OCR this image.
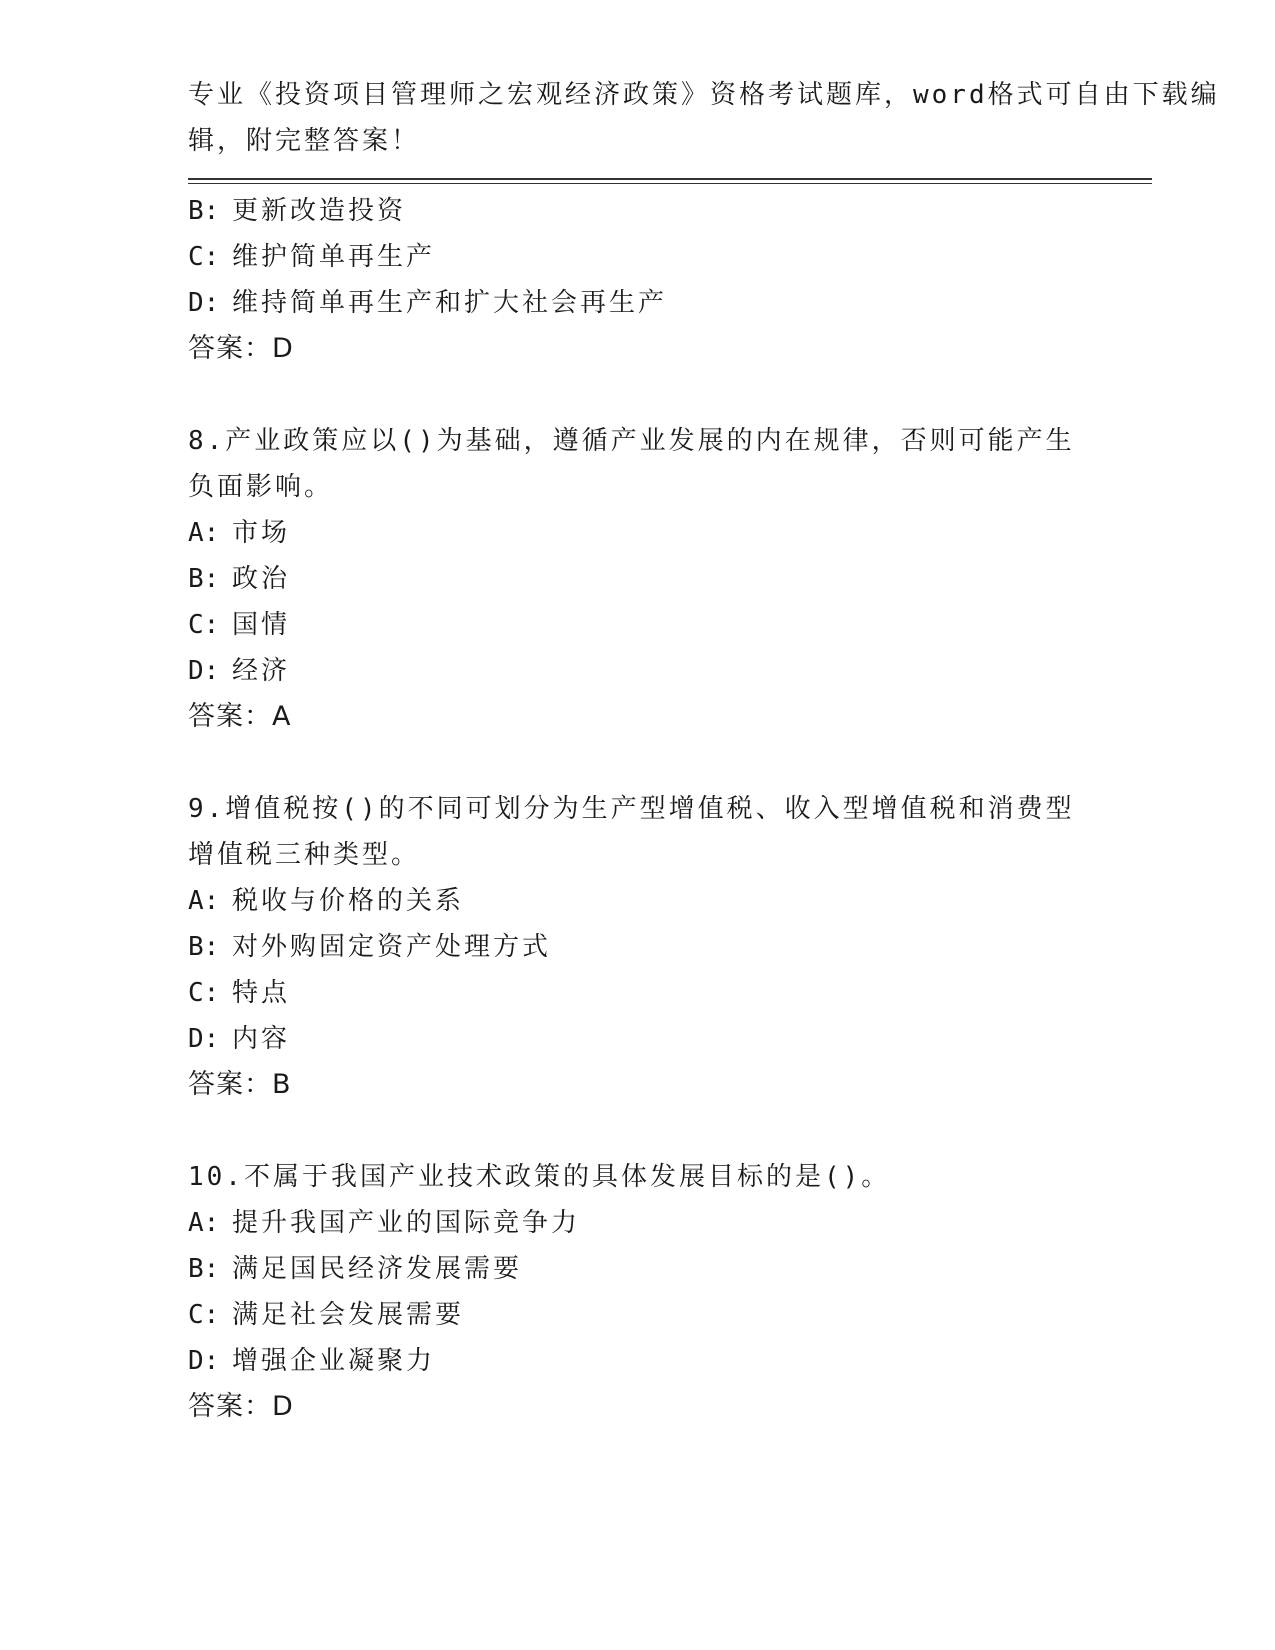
专业《投资项目管理师之宏观经济政策》资格考试题库，word格式可自由下载编
辑，附完整答案！
B: 更新改造投资
C: 维护简单再生产
D: 维持简单再生产和扩大社会再生产
答案：D
8.产业政策应以()为基础，遵循产业发展的内在规律，否则可能产生
负面影响。
A: 市场
B: 政治
C: 国情
D: 经济
答案：A
9.增值税按()的不同可划分为生产型增值税、收入型增值税和消费型
增值税三种类型。
A: 税收与价格的关系
B: 对外购固定资产处理方式
C: 特点
D: 内容
答案：B
10.不属于我国产业技术政策的具体发展目标的是()。
A: 提升我国产业的国际竞争力
B: 满足国民经济发展需要
C: 满足社会发展需要
D: 增强企业凝聚力
答案：D
